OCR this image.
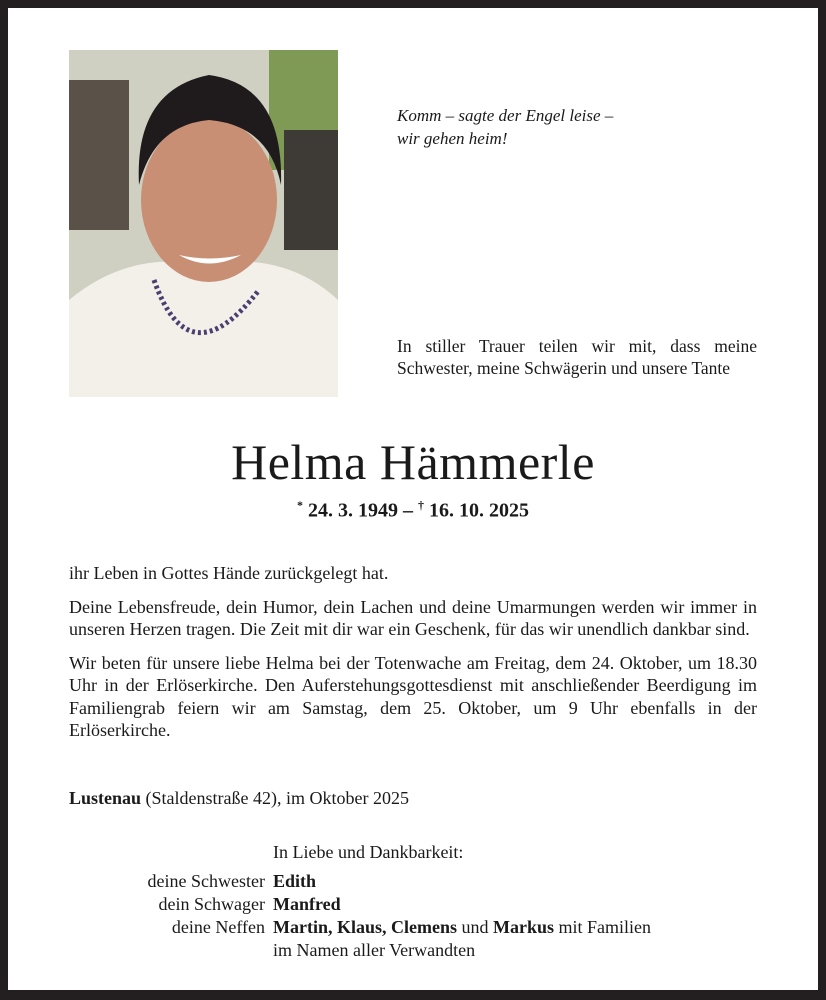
Komm – sagte der Engel leise –
wir gehen heim!
In stiller Trauer teilen wir mit, dass meine Schwester, meine Schwägerin und unsere Tante
Helma Hämmerle
* 24. 3. 1949 – † 16. 10. 2025

ihr Leben in Gottes Hände zurückgelegt hat.

Deine Lebensfreude, dein Humor, dein Lachen und deine Umarmungen werden wir immer in unseren Herzen tragen. Die Zeit mit dir war ein Geschenk, für das wir unendlich dankbar sind.

Wir beten für unsere liebe Helma bei der Totenwache am Freitag, dem 24. Oktober, um 18.30 Uhr in der Erlöserkirche. Den Auferstehungsgottesdienst mit anschließender Beerdigung im Familiengrab feiern wir am Samstag, dem 25. Oktober, um 9 Uhr ebenfalls in der Erlöserkirche.

Lustenau (Staldenstraße 42), im Oktober 2025
In Liebe und Dankbarkeit:
deine Schwester Edith
dein Schwager Manfred
deine Neffen Martin, Klaus, Clemens und Markus mit Familien
im Namen aller Verwandten
